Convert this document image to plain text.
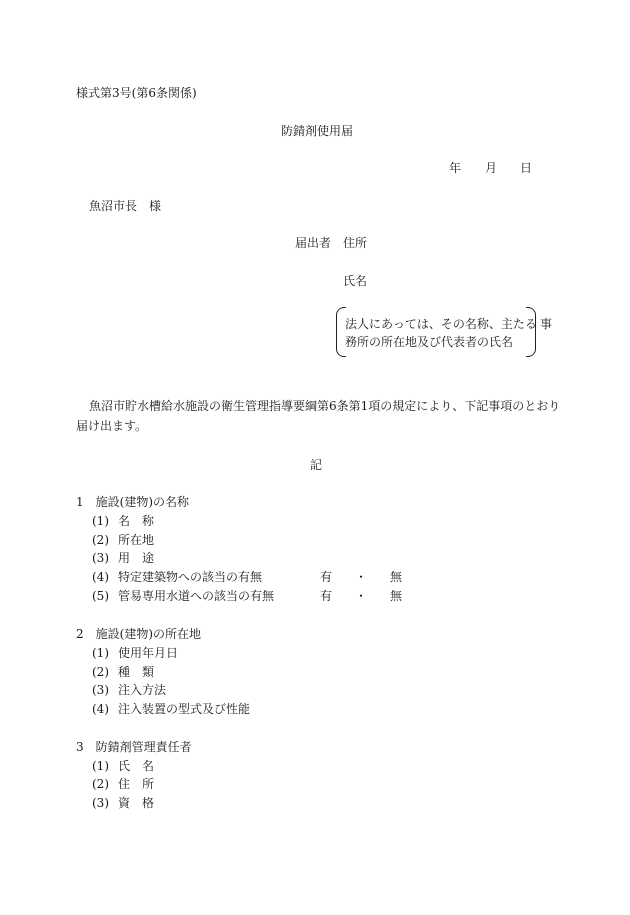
様式第3号(第6条関係)
防錆剤使用届
年 月 日
魚沼市長　様
届出者 住所
氏名
法人にあっては、その名称、主たる
務所の所在地及び代表者の氏名
事
魚沼市貯水槽給水施設の衛生管理指導要綱第6条第1項の規定により、下記事項のとおり
届け出ます。
記
1　施設(建物)の名称
(1) 名　称
(2) 所在地
(3) 用　途
(4) 特定建築物への該当の有無	有 ・ 無
(5) 管易専用水道への該当の有無	有 ・ 無
2　施設(建物)の所在地
(1) 使用年月日
(2) 種　類
(3) 注入方法
(4) 注入装置の型式及び性能
3　防錆剤管理責任者
(1) 氏　名
(2) 住　所
(3) 資　格
